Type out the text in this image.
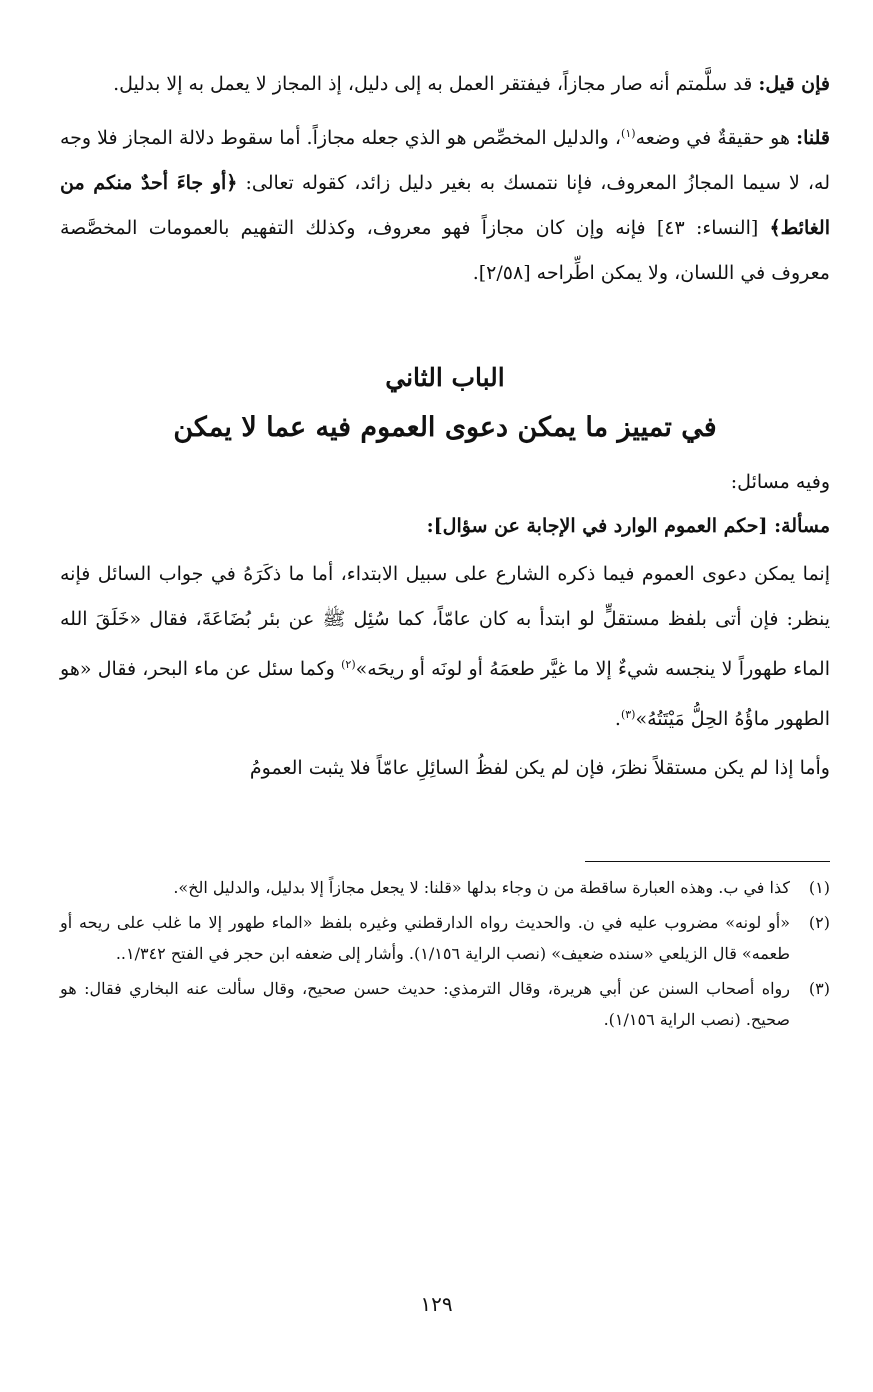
فإن قيل: قد سلَّمتم أنه صار مجازاً، فيفتقر العمل به إلى دليل، إذ المجاز لا يعمل به إلا بدليل.

قلنا: هو حقيقةٌ في وضعه$^{(١)}$، والدليل المخصِّص هو الذي جعله مجازاً. أما سقوط دلالة المجاز فلا وجه له، لا سيما المجازُ المعروف، فإنا نتمسك به بغير دليل زائد، كقوله تعالى: ﴿أو جاءَ أحدٌ منكم من الغائط﴾ [النساء: ٤٣] فإنه وإن كان مجازاً فهو معروف، وكذلك التفهيم بالعمومات المخصَّصة معروف في اللسان، ولا يمكن اطِّراحه [٢/٥٨].

الباب الثاني
في تمييز ما يمكن دعوى العموم فيه عما لا يمكن

وفيه مسائل:

مسألة: [حكم العموم الوارد في الإجابة عن سؤال]:

إنما يمكن دعوى العموم فيما ذكره الشارع على سبيل الابتداء، أما ما ذكَرَهُ في جواب السائل فإنه ينظر: فإن أتى بلفظ مستقلٍّ لو ابتدأ به كان عامّاً، كما سُئِل ﷺ عن بئر بُضَاعَةَ، فقال «خَلَقَ الله الماء طهوراً لا ينجسه شيءٌ إلا ما غيَّر طعمَهُ أو لونَه أو ريحَه»$^{(٢)}$ وكما سئل عن ماء البحر، فقال «هو الطهور ماؤُهُ الحِلُّ مَيْتَتُهُ»$^{(٣)}$.

وأما إذا لم يكن مستقلاً نظرَ، فإن لم يكن لفظُ السائِلِ عامّاً فلا يثبت العمومُ

(١)
كذا في ب. وهذه العبارة ساقطة من ن وجاء بدلها «قلنا: لا يجعل مجازاً إلا بدليل، والدليل الخ».
(٢)
«أو لونه» مضروب عليه في ن. والحديث رواه الدارقطني وغيره بلفظ «الماء طهور إلا ما غلب على ريحه أو طعمه» قال الزيلعي «سنده ضعيف» (نصب الراية ١/١٥٦). وأشار إلى ضعفه ابن حجر في الفتح ١/٣٤٢..
(٣)
رواه أصحاب السنن عن أبي هريرة، وقال الترمذي: حديث حسن صحيح، وقال سألت عنه البخاري فقال: هو صحيح. (نصب الراية ١/١٥٦).
١٢٩
